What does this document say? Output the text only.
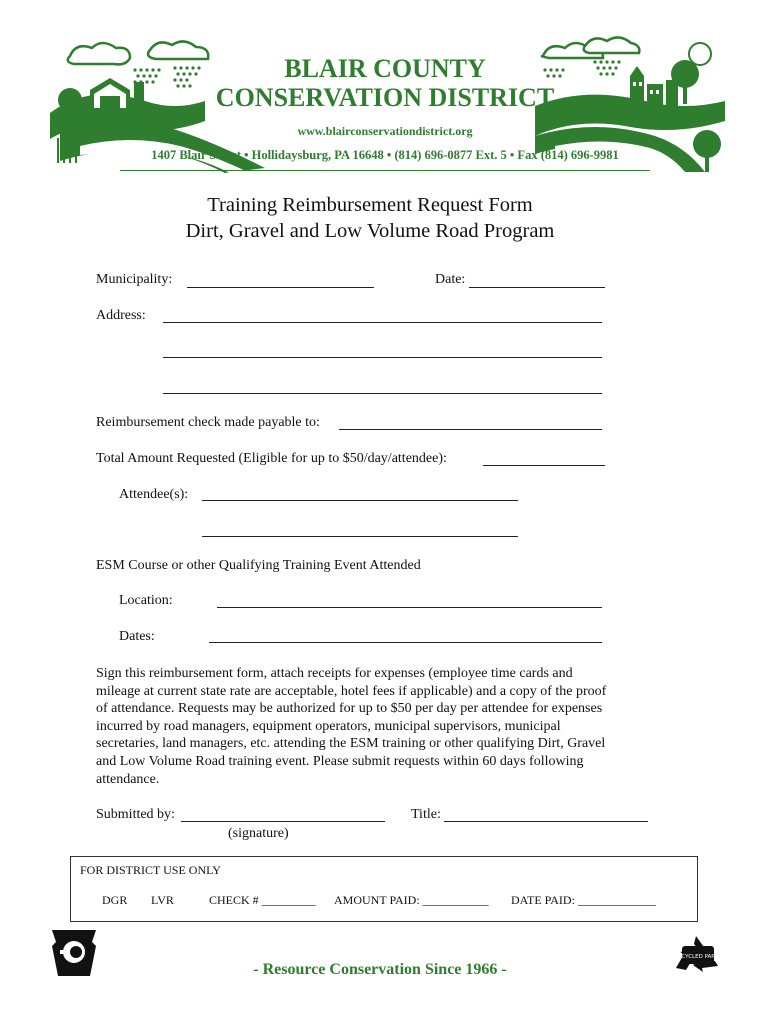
BLAIR COUNTY
CONSERVATION DISTRICT
www.blairconservationdistrict.org
1407 Blair Street • Hollidaysburg, PA 16648 • (814) 696-0877 Ext. 5 • Fax (814) 696-9981
Training Reimbursement Request Form
Dirt, Gravel and Low Volume Road Program
Municipality:	Date:
Address:
Reimbursement check made payable to:
Total Amount Requested (Eligible for up to $50/day/attendee):
Attendee(s):
ESM Course or other Qualifying Training Event Attended
Location:
Dates:
Sign this reimbursement form, attach receipts for expenses (employee time cards and
mileage at current state rate are acceptable, hotel fees if applicable) and a copy of the proof
of attendance. Requests may be authorized for up to $50 per day per attendee for expenses
incurred by road managers, equipment operators, municipal supervisors, municipal
secretaries, land managers, etc. attending the ESM training or other qualifying Dirt, Gravel
and Low Volume Road training event. Please submit requests within 60 days following
attendance.
Submitted by:
(signature)
Title:
FOR DISTRICT USE ONLY
DGR LVR	CHECK # _________ AMOUNT PAID: ___________ DATE PAID: _____________
- Resource Conservation Since 1966 -
RECYCLED PAPER
